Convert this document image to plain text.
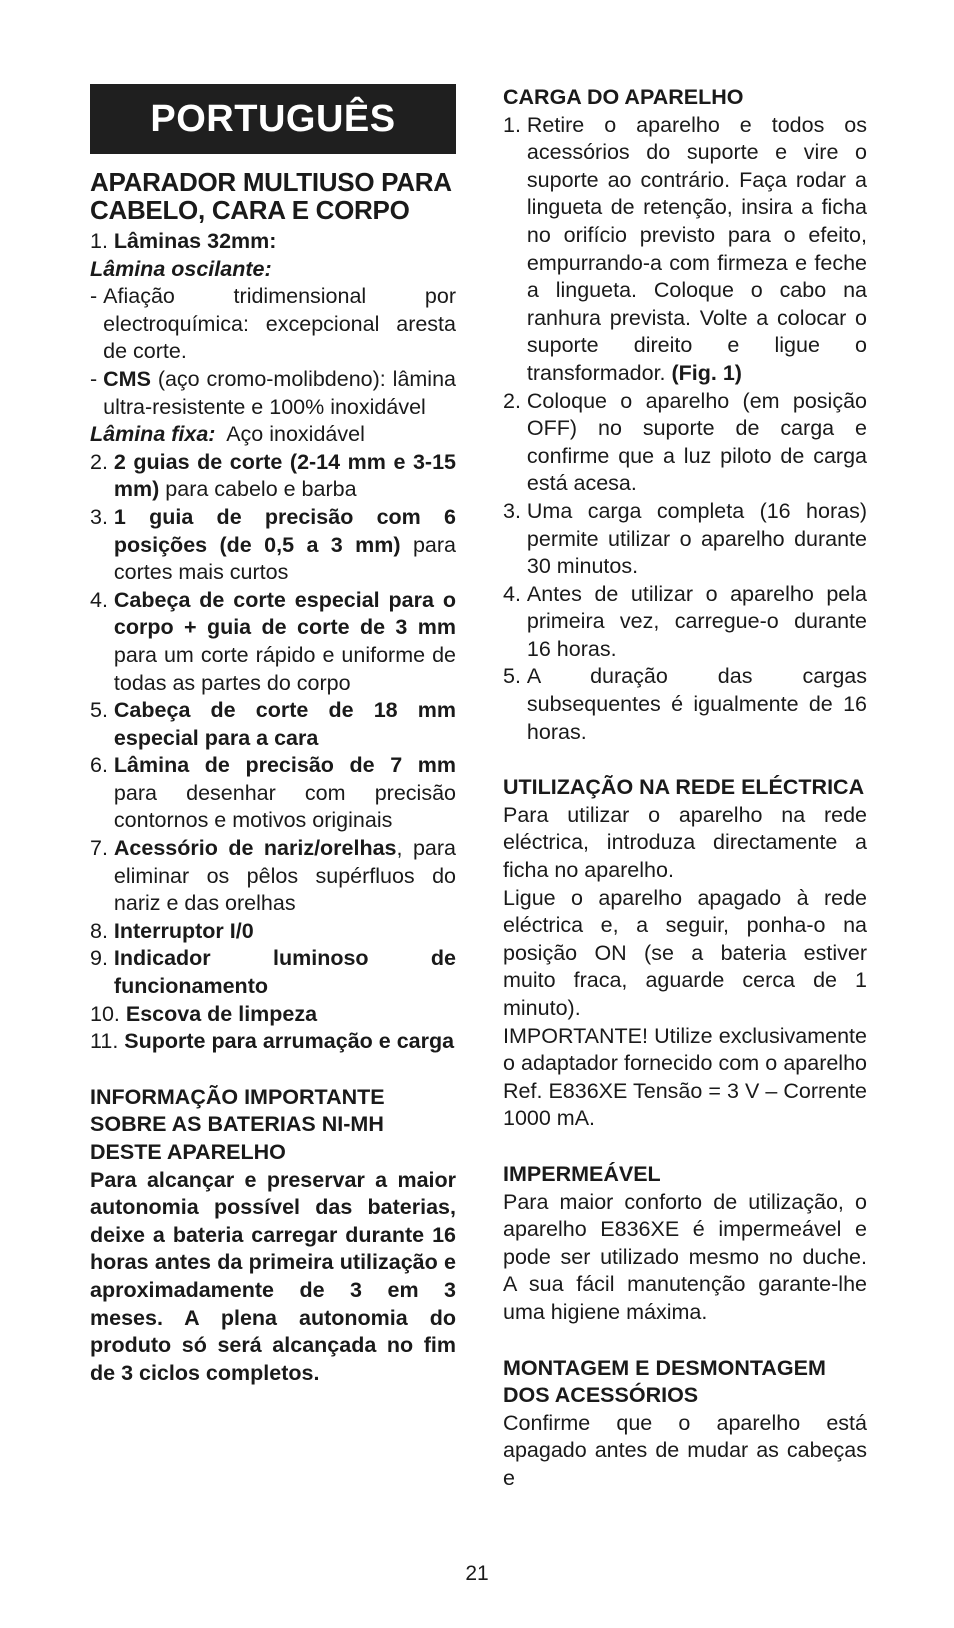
PORTUGUÊS
APARADOR MULTIUSO PARA CABELO, CARA E CORPO
1. Lâminas 32mm:
Lâmina oscilante:
- Afiação tridimensional por electroquímica: excepcional aresta de corte.
- CMS (aço cromo-molibdeno): lâmina ultra-resistente e 100% inoxidável
Lâmina fixa:  Aço inoxidável
2. 2 guias de corte (2-14 mm e 3-15 mm) para cabelo e barba
3. 1 guia de precisão com 6 posições (de 0,5 a 3 mm) para cortes mais curtos
4. Cabeça de corte especial para o corpo + guia de corte de 3 mm para um corte rápido e uniforme de todas as partes do corpo
5. Cabeça de corte de 18 mm especial para a cara
6. Lâmina de precisão de 7 mm para desenhar com precisão contornos e motivos originais
7. Acessório de nariz/orelhas, para eliminar os pêlos supérfluos do nariz e das orelhas
8. Interruptor I/0
9. Indicador luminoso de funcionamento
10. Escova de limpeza
11. Suporte para arrumação e carga
INFORMAÇÃO IMPORTANTE SOBRE AS BATERIAS NI-MH DESTE APARELHO
Para alcançar e preservar a maior autonomia possível das baterias, deixe a bateria carregar durante 16 horas antes da primeira utilização e aproximadamente de 3 em 3 meses. A plena autonomia do produto só será alcançada no fim de 3 ciclos completos.
CARGA DO APARELHO
1. Retire o aparelho e todos os acessórios do suporte e vire o suporte ao contrário. Faça rodar a lingueta de retenção, insira a ficha no orifício previsto para o efeito, empurrando-a com firmeza e feche a lingueta. Coloque o cabo na ranhura prevista. Volte a colocar o suporte direito e ligue o transformador. (Fig. 1)
2. Coloque o aparelho (em posição OFF) no suporte de carga e confirme que a luz piloto de carga está acesa.
3. Uma carga completa (16 horas) permite utilizar o aparelho durante 30 minutos.
4. Antes de utilizar o aparelho pela primeira vez, carregue-o durante 16 horas.
5. A duração das cargas subsequentes é igualmente de 16 horas.
UTILIZAÇÃO NA REDE ELÉCTRICA
Para utilizar o aparelho na rede eléctrica, introduza directamente a ficha no aparelho.
Ligue o aparelho apagado à rede eléctrica e, a seguir, ponha-o na posição ON (se a bateria estiver muito fraca, aguarde cerca de 1 minuto).
IMPORTANTE! Utilize exclusivamente o adaptador fornecido com o aparelho Ref. E836XE Tensão = 3 V – Corrente 1000 mA.
IMPERMEÁVEL
Para maior conforto de utilização, o aparelho E836XE é impermeável e pode ser utilizado mesmo no duche. A sua fácil manutenção garante-lhe uma higiene máxima.
MONTAGEM E DESMONTAGEM DOS ACESSÓRIOS
Confirme que o aparelho está apagado antes de mudar as cabeças e
21
